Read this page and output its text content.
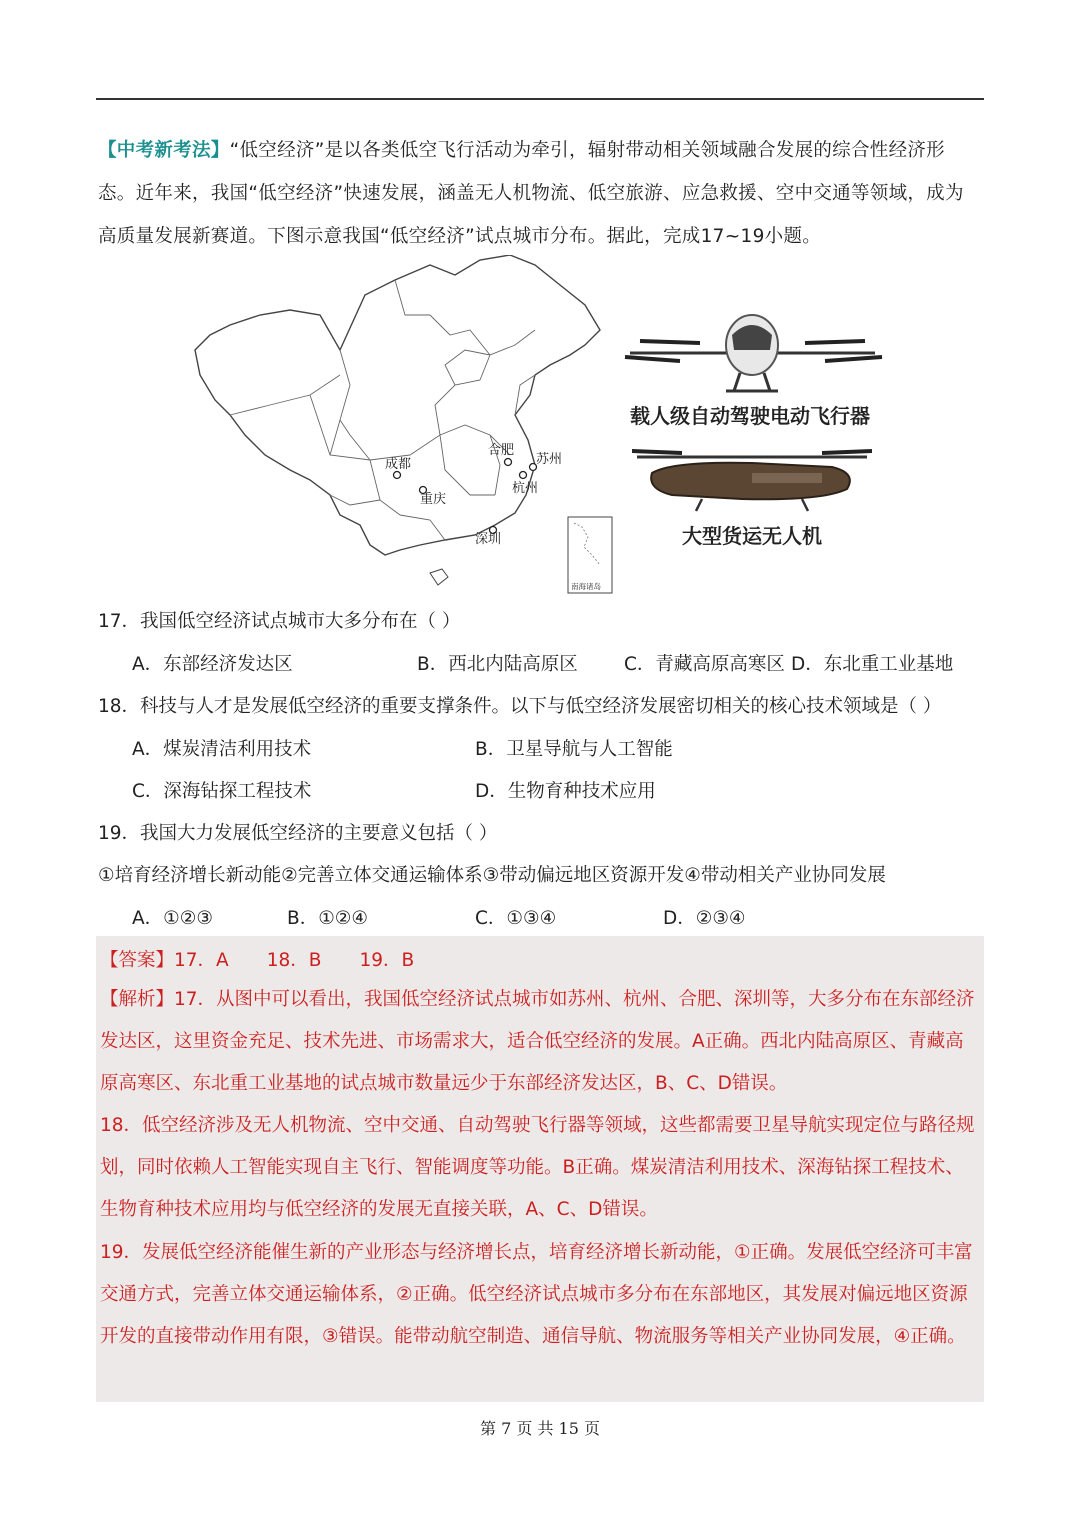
【中考新考法】“低空经济”是以各类低空飞行活动为牵引，辐射带动相关领域融合发展的综合性经济形态。近年来，我国“低空经济”快速发展，涵盖无人机物流、低空旅游、应急救援、空中交通等领域，成为高质量发展新赛道。下图示意我国“低空经济”试点城市分布。据此，完成17~19小题。
成都
重庆
合肥
苏州
杭州
深圳
南海诸岛
载人级自动驾驶电动飞行器
大型货运无人机
17．我国低空经济试点城市大多分布在（ ）
A．东部经济发达区	B．西北内陆高原区	C．青藏高原高寒区 D．东北重工业基地
18．科技与人才是发展低空经济的重要支撑条件。以下与低空经济发展密切相关的核心技术领域是（ ）
A．煤炭清洁利用技术	B．卫星导航与人工智能
C．深海钻探工程技术	D．生物育种技术应用
19．我国大力发展低空经济的主要意义包括（ ）
①培育经济增长新动能②完善立体交通运输体系③带动偏远地区资源开发④带动相关产业协同发展
A．①②③	B．①②④	C．①③④	D．②③④
【答案】17．A 18．B 19．B
【解析】17．从图中可以看出，我国低空经济试点城市如苏州、杭州、合肥、深圳等，大多分布在东部经济发达区，这里资金充足、技术先进、市场需求大，适合低空经济的发展。A正确。西北内陆高原区、青藏高原高寒区、东北重工业基地的试点城市数量远少于东部经济发达区，B、C、D错误。
18．低空经济涉及无人机物流、空中交通、自动驾驶飞行器等领域，这些都需要卫星导航实现定位与路径规划，同时依赖人工智能实现自主飞行、智能调度等功能。B正确。煤炭清洁利用技术、深海钻探工程技术、生物育种技术应用均与低空经济的发展无直接关联，A、C、D错误。
19．发展低空经济能催生新的产业形态与经济增长点，培育经济增长新动能，①正确。发展低空经济可丰富交通方式，完善立体交通运输体系，②正确。低空经济试点城市多分布在东部地区，其发展对偏远地区资源开发的直接带动作用有限，③错误。能带动航空制造、通信导航、物流服务等相关产业协同发展，④正确。
第 7 页 共 15 页
